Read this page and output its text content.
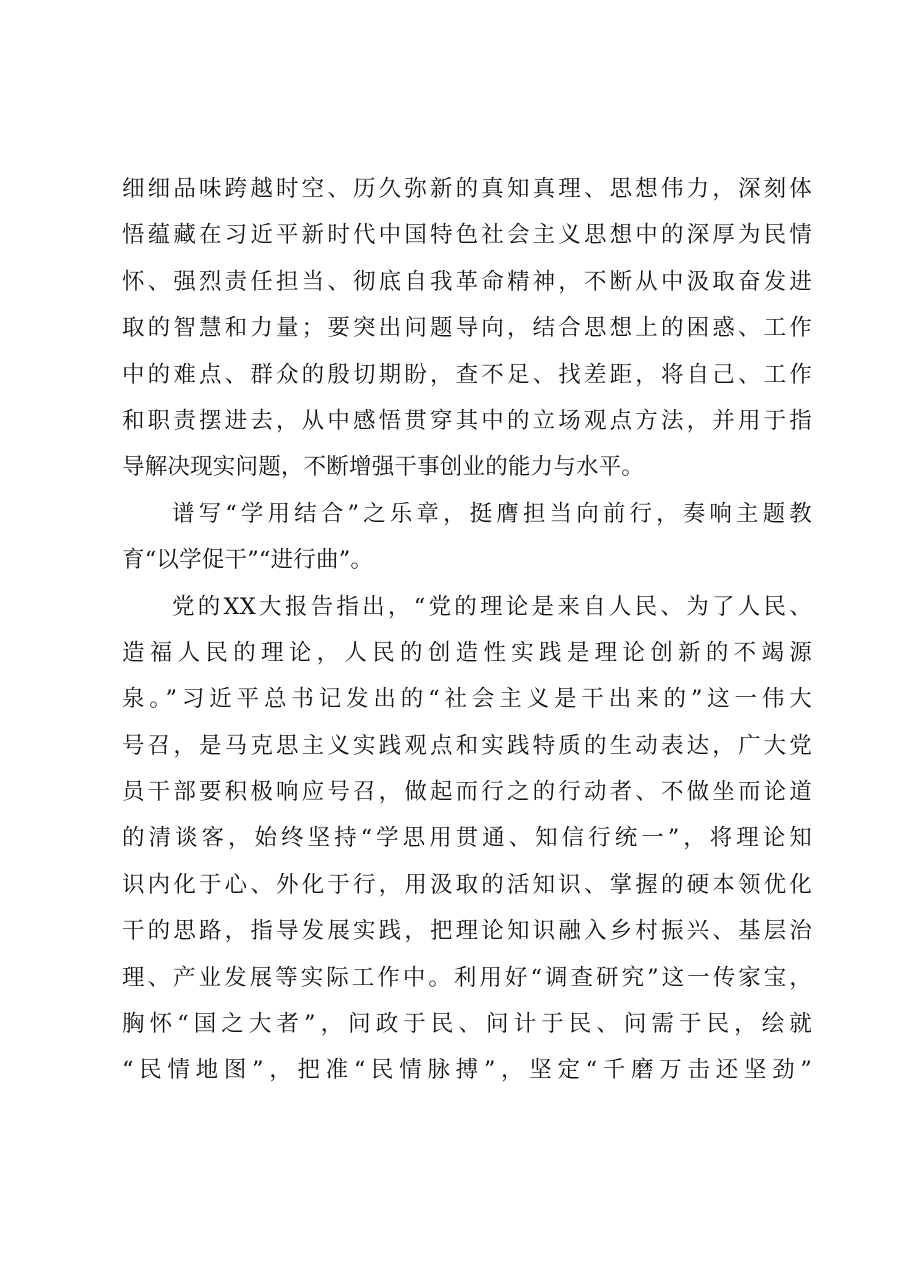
细细品味跨越时空、历久弥新的真知真理、思想伟力，深刻体
悟蕴藏在习近平新时代中国特色社会主义思想中的深厚为民情
怀、强烈责任担当、彻底自我革命精神，不断从中汲取奋发进
取的智慧和力量；要突出问题导向，结合思想上的困惑、工作
中的难点、群众的殷切期盼，查不足、找差距，将自己、工作
和职责摆进去，从中感悟贯穿其中的立场观点方法，并用于指
导解决现实问题，不断增强干事创业的能力与水平。
谱写“学用结合”之乐章，挺膺担当向前行，奏响主题教
育“以学促干”“进行曲”。
党的XX大报告指出，“党的理论是来自人民、为了人民、
造福人民的理论，人民的创造性实践是理论创新的不竭源
泉。”习近平总书记发出的“社会主义是干出来的”这一伟大
号召，是马克思主义实践观点和实践特质的生动表达，广大党
员干部要积极响应号召，做起而行之的行动者、不做坐而论道
的清谈客，始终坚持“学思用贯通、知信行统一”，将理论知
识内化于心、外化于行，用汲取的活知识、掌握的硬本领优化
干的思路，指导发展实践，把理论知识融入乡村振兴、基层治
理、产业发展等实际工作中。利用好“调查研究”这一传家宝，
胸怀“国之大者”，问政于民、问计于民、问需于民，绘就
“民情地图”，把准“民情脉搏”，坚定“千磨万击还坚劲”
